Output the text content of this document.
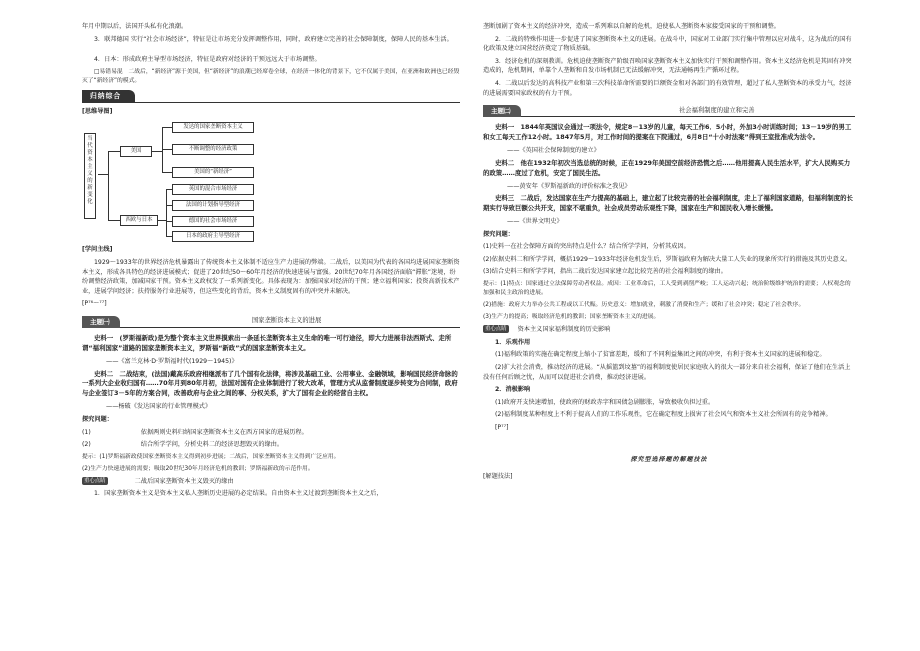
年月中期以后，法国开头私有化浪潮。

3．联邦德国 实行“社会市场经济”，特征是让市场充分发挥调整作用，同时，政府建立完善的社会保障制度，保障人民的基本生活。

4．日本：形成政府主导型市场经济，特征是政府对经济的干预远远大于市场调整。

□易错易混　二战后，“新经济”源于美国，但“新经济”的浪潮已经席卷全球，在经济一体化的背景下，它不仅属于美国，在亚洲和欧洲也已经毁灭了“新经济”的模式。

归纳综合

[思维导图]

当代资本主义的新变化
美国
西欧与日本
发达的国家垄断资本主义
不断调整的经济政策
美国的“新经济”
英国的混合市场经济
法国的计划指导型经济
德国的社会市场经济
日本的政府主导型经济

[学问主线]

1929～1933年的世界经济危机暴露出了传统资本主义体制不适应生产力进展的弊端。二战后，以美国为代表的各国均进展国家垄断资本主义，形成各具特色的经济进展模式；促进了20世纪50～60年月经济的快速进展与富强。20世纪70年月各国经济面临“滞胀”迷境，纷纷调整经济政策，加减国家干预。资本主义政权发了一系列新变化。具体表现为：加强国家对经济的干预；建立福利国家；投资高新技术产业，进展学问经济；扶持服务行业进展等，但这些变化的背后，资本主义制度固有的冲突并未解决。

[P⁷⁶～⁷⁷]

主题㈠	国家垄断资本主义的进展

史料一　(罗斯福新政)是为整个资本主义世界摸索出一条延长垄断资本主义生命的唯一可行途径，即大力进展非法西斯式、走所谓“福利国家”道路的国家垄断资本主义，罗斯福“新政”式的国家垄断资本主义。

——《富兰克林·D·罗斯福时代(1929～1945)》

史料二　二战结束，(法国)戴高乐政府相继派布了几个国有化法律，将涉及基础工业、公用事业、金融领域，影响国民经济命脉的一系列大企业收归国有……70年月到80年月初，法国对国有企业体制进行了较大改革，管理方式从监督制度逐步转变为合同制，政府与企业签订3－5年的方案合同，改善政府与企业之间的事、分权关系，扩大了国有企业的经营自主权。

——杨破《发达国家的行业管理模式》

探究问题：

(1)	依据两则史料归纳国家垄断资本主义在西方国家的进展历程。

(2)	结合所学学问，分析史料二的经济思想毁灭的缘由。

提示：(1)罗斯福新政使国家垄断资本主义得到初步进展；二战后，国家垄断资本主义得到广泛应用。

(2)生产力快速进展的需要；吸取20世纪30年月经济危机的教训；罗斯福新政的示范作用。

重心点睛	二战后国家垄断资本主义毁灭的缘由

1．国家垄断资本主义是资本主义私人垄断历史进展的必定结果。自由资本主义过渡到垄断资本主义之后，

垄断加剧了资本主义的经济冲突，造成一系列难以自解的危机，迫使私人垄断资本家接受国家的干预和调整。

2．二战的特殊作用进一步促进了国家垄断资本主义的进展。在战斗中，国家对工业部门实行集中管理以应对战斗，这为战后的国有化政策及建立国营经济奠定了物质基础。

3．经济危机的深刻教训。危机迫使垄断资产阶级召唤国家垄断资本主义加快实行干预和调整作用。资本主义经济危机是其固有冲突造成的，危机期间，单靠个人垄断和自发市场机制已无法缓解冲突，无法通畅再生产循环过程。

4．二战以后发达的高科技产业和第三次科技革命所需要的巨额资金和对各部门的有效管理，超过了私人垄断资本的承受力气，经济的进展需要国家政权的有力干预。

主题㈡	社会福利制度的建立和完善

史料一　1844年英国议会通过一项法令，规定8－13岁的儿童，每天工作6．5小时，外加3小时训练时间；13－19岁的男工和女工每天工作12小时。1847年5月，对工作时间的提案在下院通过，6月8日“十小时法案”得到王室批准成为法令。

——《英国社会保障制度的建立》

史料二　他在1932年初次当选总统的时候，正在1929年美国空前经济恐慌之后……他用提高人民生活水平，扩大人民购买力的政策……度过了危机，安定了国民生活。

——黄安年《罗斯福新政的评价标准之我见》

史料三　二战后，发达国家在生产力提高的基础上，建立起了比较完善的社会福利制度，走上了福利国家道路，但福利制度的长期实行导致巨额公共开支，国家不堪重负，社会成员劳动乐观性下降，国家在生产和国民收入增长缓慢。

——《世界文明史》

探究问题：

(1)史料一在社会保障方面的突出特点是什么？结合所学学问，分析其成因。

(2)依据史料二和所学学问，概括1929～1933年经济危机发生后，罗斯福政府为解决大量工人失业的现象所实行的措施及其历史意义。

(3)结合史料三和所学学问，指出二战后发达国家建立起比较完善的社会福利制度的缘由。

提示：(1)特点：国家通过立法保障劳动者权益。成因：工业革命后，工人受到剥削严峻；工人运动兴起；统治阶级维护统治的需要；人权观念的加强和民主政治的进展。

(2)措施：政府大力举办公共工程或以工代赈。历史意义：增加就业，刺激了消费和生产；缓和了社会冲突；稳定了社会秩序。

(3)生产力的提高；吸取经济危机的教训；国家垄断资本主义的进展。

重心点睛 资本主义国家福利制度的历史影响

1．乐观作用

(1)福利政策的实施在确定程度上缩小了贫富差距，缓和了不同利益集团之间的冲突，有利于资本主义国家的进展和稳定。

(2)扩大社会消费，推动经济的进展。“从摇篮到坟墓”的福利制度使居民家庭收入的很大一部分来自社会福利，保证了他们在生活上没有任何后顾之忧，从而可以促进社会消费，推动经济进展。

2．消极影响

(1)政府开支快速增加，使政府的财政赤字和国债急剧膨胀，导致极收负担过重。

(2)福利制度某种程度上不利于提高人们的工作乐观性，它在确定程度上损害了社会风气和资本主义社会所固有的竞争精神。

[P⁷⁷]

探究型选择题的解题技法

[解题技法]
